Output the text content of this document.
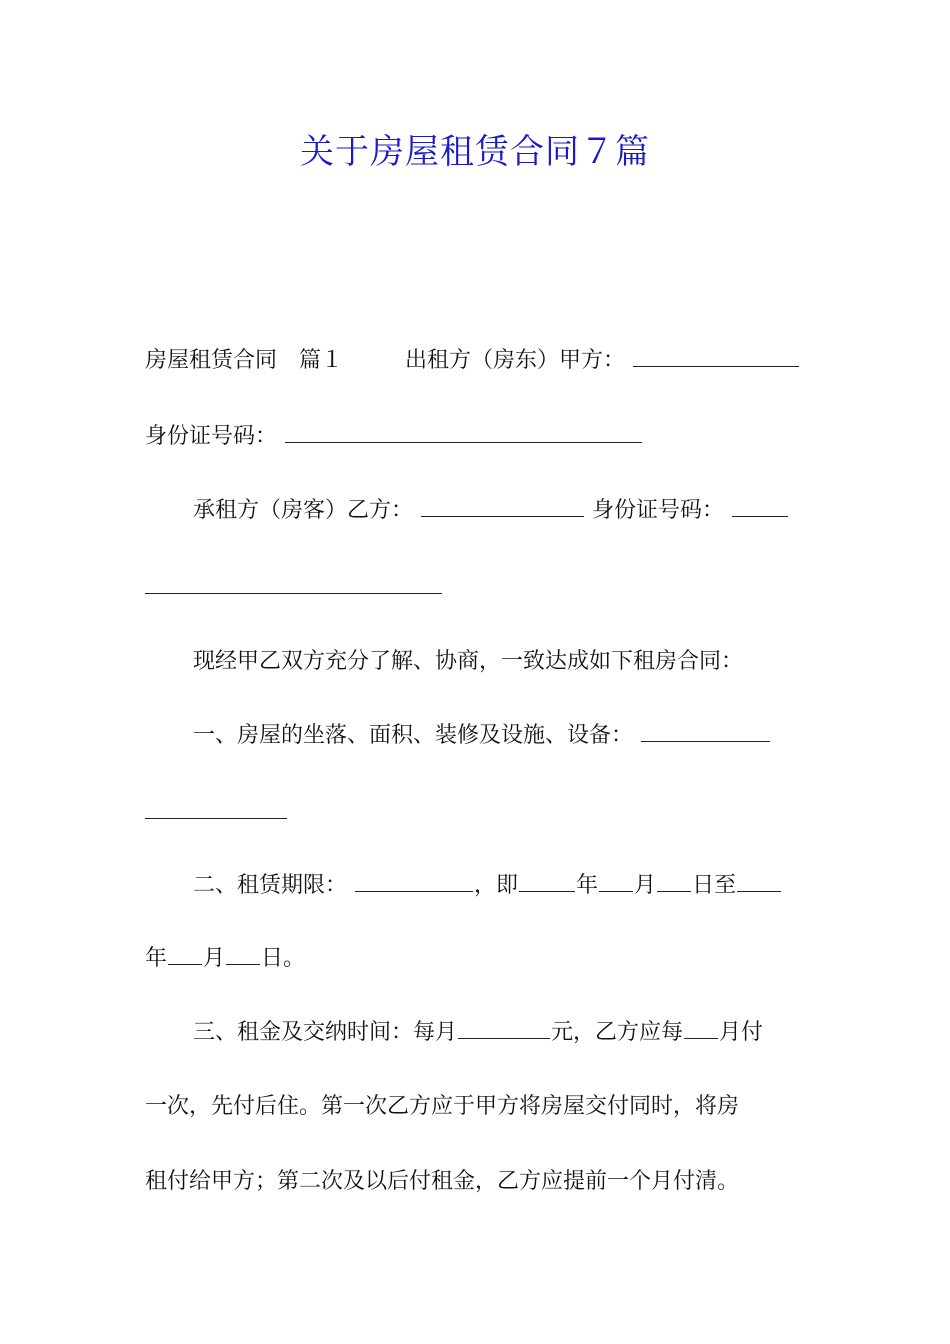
关于房屋租赁合同７篇
房屋租赁合同 篇１	出租方（房东）甲方：
身份证号码：
承租方（房客）乙方：	身份证号码：
现经甲乙双方充分了解、协商，一致达成如下租房合同：
一、房屋的坐落、面积、装修及设施、设备：
二、租赁期限：	，即	年 月 日至
年 月 日。
三、租金及交纳时间：每月	元，乙方应每 月付
一次，先付后住。第一次乙方应于甲方将房屋交付同时，将房
租付给甲方；第二次及以后付租金，乙方应提前一个月付清。
